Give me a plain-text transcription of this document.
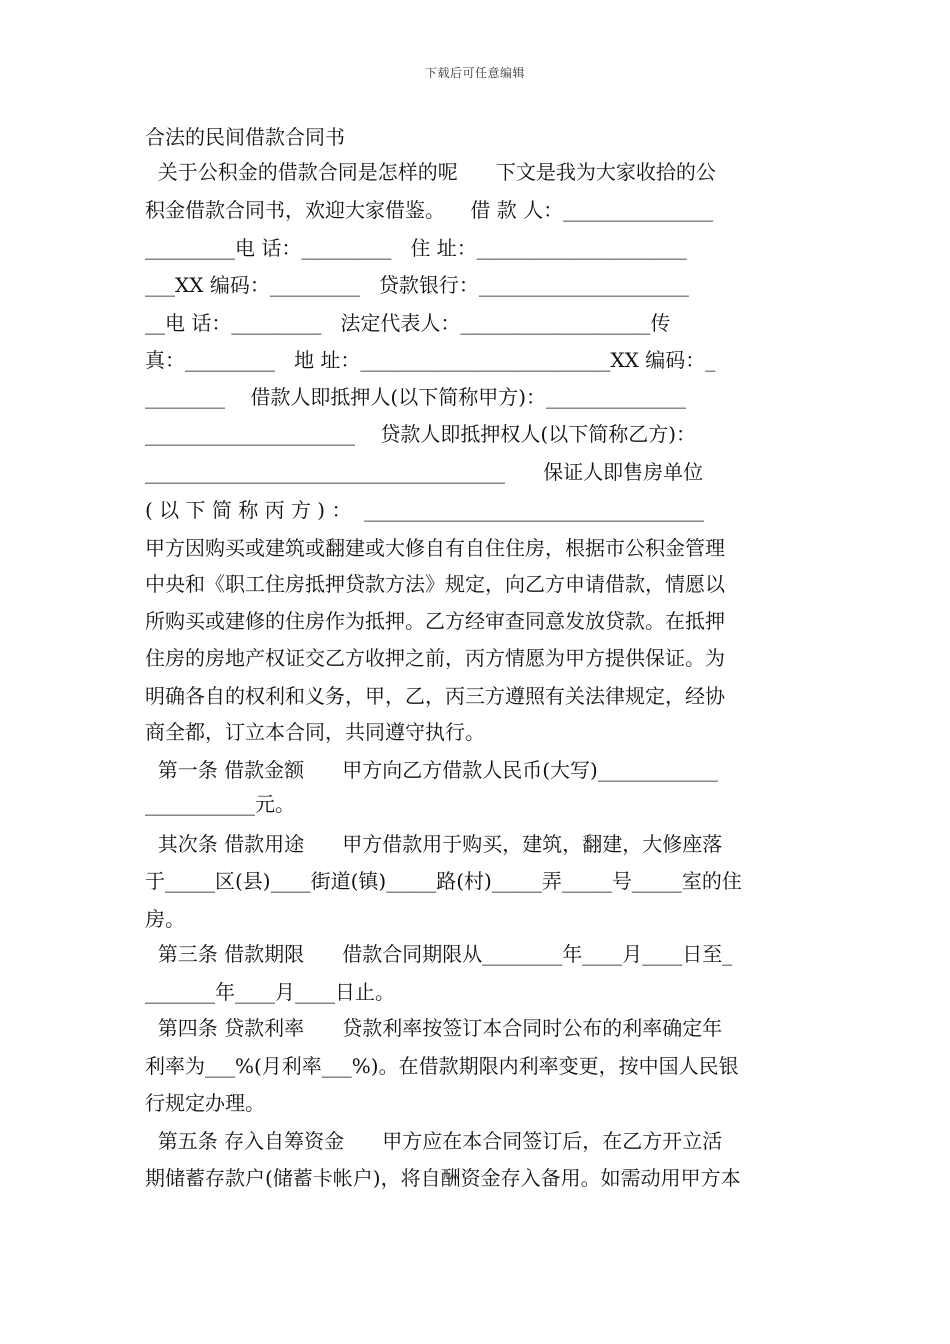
下载后可任意编辑
合法的民间借款合同书
关于公积金的借款合同是怎样的呢      下文是我为大家收拾的公
积金借款合同书，欢迎大家借鉴。    借 款 人：_______________
_________电 话：_________   住 址：_____________________
___XX 编码：_________   贷款银行：_____________________
__电 话：_________   法定代表人：___________________传
真：_________   地 址：_________________________XX 编码：_
________    借款人即抵押人(以下简称甲方)：______________
_____________________    贷款人即抵押权人(以下简称乙方)：
____________________________________      保证人即售房单位
( 以 下 简 称 丙 方 ) ：  __________________________________
甲方因购买或建筑或翻建或大修自有自住住房，根据市公积金管理
中央和《职工住房抵押贷款方法》规定，向乙方申请借款，情愿以
所购买或建修的住房作为抵押。乙方经审查同意发放贷款。在抵押
住房的房地产权证交乙方收押之前，丙方情愿为甲方提供保证。为
明确各自的权利和义务，甲，乙，丙三方遵照有关法律规定，经协
商全都，订立本合同，共同遵守执行。
第一条 借款金额      甲方向乙方借款人民币(大写)____________
___________元。
其次条 借款用途      甲方借款用于购买，建筑，翻建，大修座落
于_____区(县)____街道(镇)_____路(村)_____弄_____号_____室的住
房。
第三条 借款期限      借款合同期限从________年____月____日至_
_______年____月____日止。
第四条 贷款利率      贷款利率按签订本合同时公布的利率确定年
利率为___%(月利率___%)。在借款期限内利率变更，按中国人民银
行规定办理。
第五条 存入自筹资金      甲方应在本合同签订后，在乙方开立活
期储蓄存款户(储蓄卡帐户)，将自酬资金存入备用。如需动用甲方本
